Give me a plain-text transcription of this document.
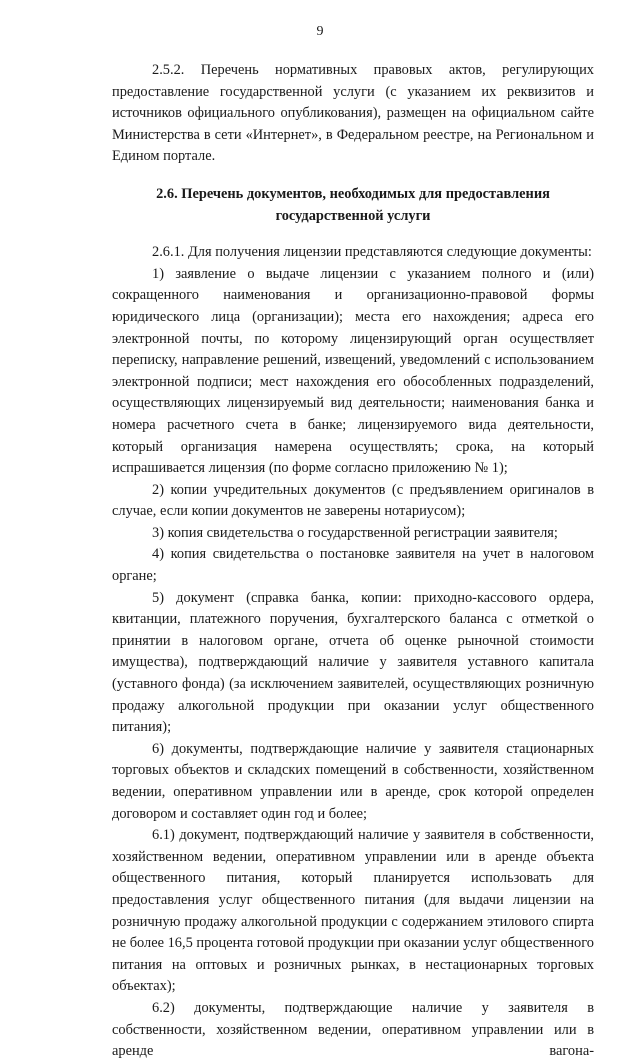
9

2.5.2. Перечень нормативных правовых актов, регулирующих предоставление государственной услуги (с указанием их реквизитов и источников официального опубликования), размещен на официальном сайте Министерства в сети «Интернет», в Федеральном реестре, на Региональном и Едином портале.

2.6. Перечень документов, необходимых для предоставления государственной услуги

2.6.1. Для получения лицензии представляются следующие документы:

1) заявление о выдаче лицензии с указанием полного и (или) сокращенного наименования и организационно-правовой формы юридического лица (организации); места его нахождения; адреса его электронной почты, по которому лицензирующий орган осуществляет переписку, направление решений, извещений, уведомлений с использованием электронной подписи; мест нахождения его обособленных подразделений, осуществляющих лицензируемый вид деятельности; наименования банка и номера расчетного счета в банке; лицензируемого вида деятельности, который организация намерена осуществлять; срока, на который испрашивается лицензия (по форме согласно приложению № 1);

2) копии учредительных документов (с предъявлением оригиналов в случае, если копии документов не заверены нотариусом);

3) копия свидетельства о государственной регистрации заявителя;

4) копия свидетельства о постановке заявителя на учет в налоговом органе;

5) документ (справка банка, копии: приходно-кассового ордера, квитанции, платежного поручения, бухгалтерского баланса с отметкой о принятии в налоговом органе, отчета об оценке рыночной стоимости имущества), подтверждающий наличие у заявителя уставного капитала (уставного фонда) (за исключением заявителей, осуществляющих розничную продажу алкогольной продукции при оказании услуг общественного питания);

6) документы, подтверждающие наличие у заявителя стационарных торговых объектов и складских помещений в собственности, хозяйственном ведении, оперативном управлении или в аренде, срок которой определен договором и составляет один год и более;

6.1) документ, подтверждающий наличие у заявителя в собственности, хозяйственном ведении, оперативном управлении или в аренде объекта общественного питания, который планируется использовать для предоставления услуг общественного питания (для выдачи лицензии на розничную продажу алкогольной продукции с содержанием этилового спирта не более 16,5 процента готовой продукции при оказании услуг общественного питания на оптовых и розничных рынках, в нестационарных торговых объектах);

6.2) документы, подтверждающие наличие у заявителя в собственности, хозяйственном ведении, оперативном управлении или в аренде вагона-
